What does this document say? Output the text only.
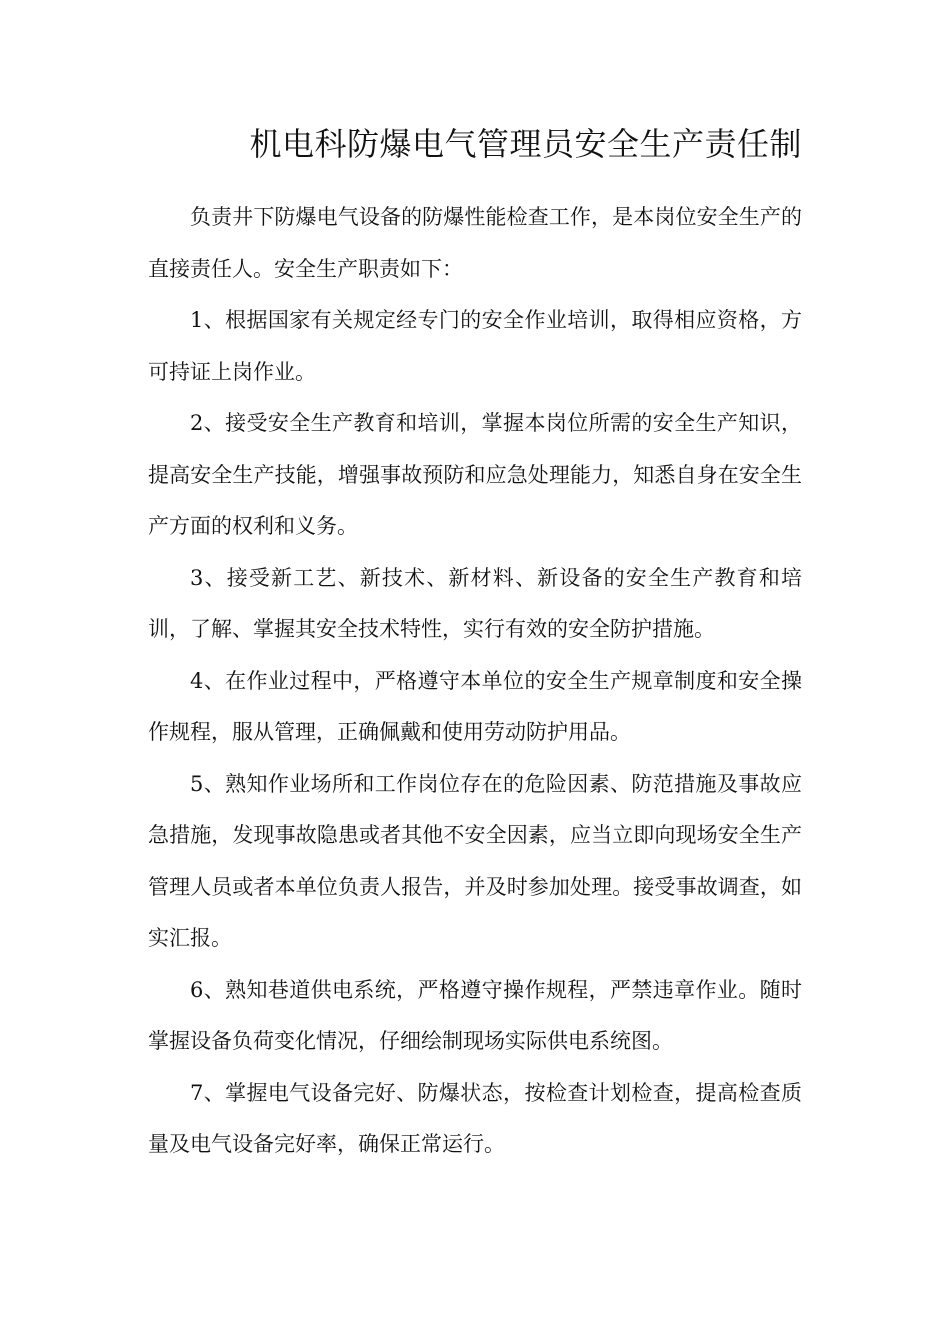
机电科防爆电气管理员安全生产责任制

负责井下防爆电气设备的防爆性能检查工作，是本岗位安全生产的直接责任人。安全生产职责如下：

1、根据国家有关规定经专门的安全作业培训，取得相应资格，方可持证上岗作业。

2、接受安全生产教育和培训，掌握本岗位所需的安全生产知识，提高安全生产技能，增强事故预防和应急处理能力，知悉自身在安全生产方面的权利和义务。

3、接受新工艺、新技术、新材料、新设备的安全生产教育和培训，了解、掌握其安全技术特性，实行有效的安全防护措施。

4、在作业过程中，严格遵守本单位的安全生产规章制度和安全操作规程，服从管理，正确佩戴和使用劳动防护用品。

5、熟知作业场所和工作岗位存在的危险因素、防范措施及事故应急措施，发现事故隐患或者其他不安全因素，应当立即向现场安全生产管理人员或者本单位负责人报告，并及时参加处理。接受事故调查，如实汇报。

6、熟知巷道供电系统，严格遵守操作规程，严禁违章作业。随时掌握设备负荷变化情况，仔细绘制现场实际供电系统图。

7、掌握电气设备完好、防爆状态，按检查计划检查，提高检查质量及电气设备完好率，确保正常运行。
